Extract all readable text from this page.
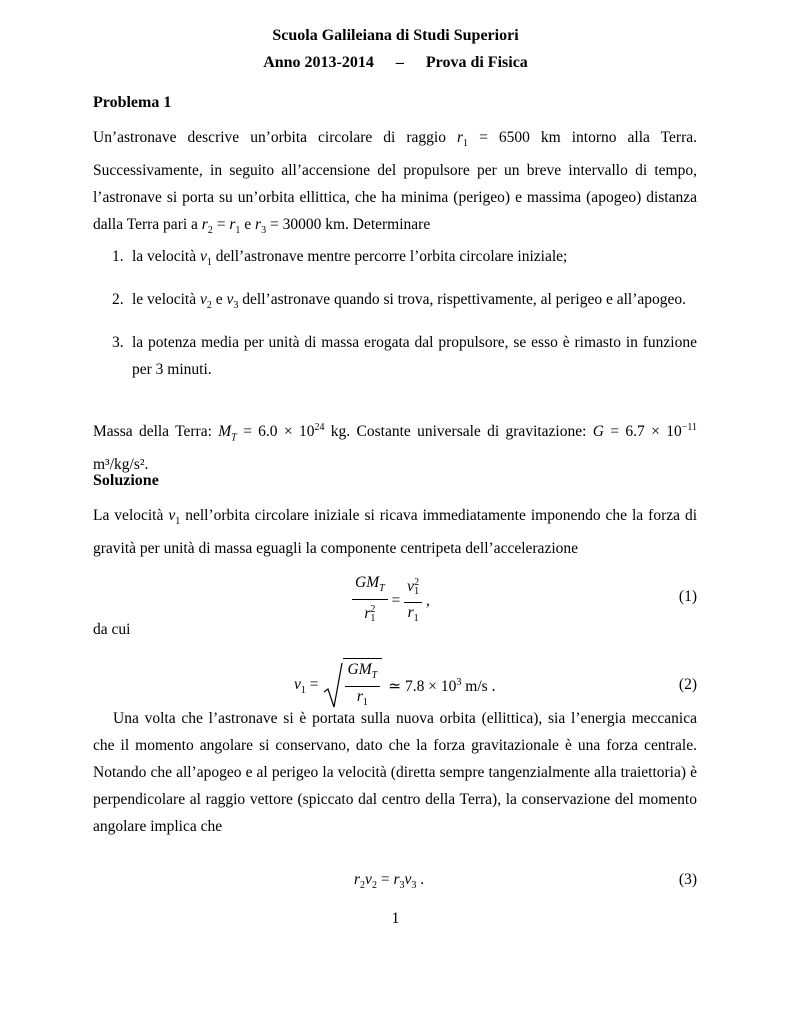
Scuola Galileiana di Studi Superiori
Anno 2013-2014 – Prova di Fisica
Problema 1

Un’astronave descrive un’orbita circolare di raggio $r_1 = 6500$ km intorno alla Terra. Successivamente, in seguito all’accensione del propulsore per un breve intervallo di tempo, l’astronave si porta su un’orbita ellittica, che ha minima (perigeo) e massima (apogeo) distanza dalla Terra pari a $r_2 = r_1$ e $r_3 = 30000$ km. Determinare

1. la velocità $v_1$ dell’astronave mentre percorre l’orbita circolare iniziale;
2. le velocità $v_2$ e $v_3$ dell’astronave quando si trova, rispettivamente, al perigeo e all’apogeo.
3. la potenza media per unità di massa erogata dal propulsore, se esso è rimasto in funzione per 3 minuti.

Massa della Terra: $M_T = 6.0 \times 10^{24}$ kg. Costante universale di gravitazione: $G = 6.7 \times 10^{-11}$ m³/kg/s².

Soluzione

La velocità $v_1$ nell’orbita circolare iniziale si ricava immediatamente imponendo che la forza di gravità per unità di massa eguagli la componente centripeta dell’accelerazione

$\frac{GM_T}{r^21} = \frac{v^21}{r_1}$ ,	(1)
da cui
$v_1 = \frac{GM_T}{r_1}$ ≃ $7.8 \times 10^3$ m/s .	(2)
Una volta che l’astronave si è portata sulla nuova orbita (ellittica), sia l’energia meccanica che il momento angolare si conservano, dato che la forza gravitazionale è una forza centrale. Notando che all’apogeo e al perigeo la velocità (diretta sempre tangenzialmente alla traiettoria) è perpendicolare al raggio vettore (spiccato dal centro della Terra), la conservazione del momento angolare implica che
$r_2v_2 = r_3v_3$ .	(3)
1
